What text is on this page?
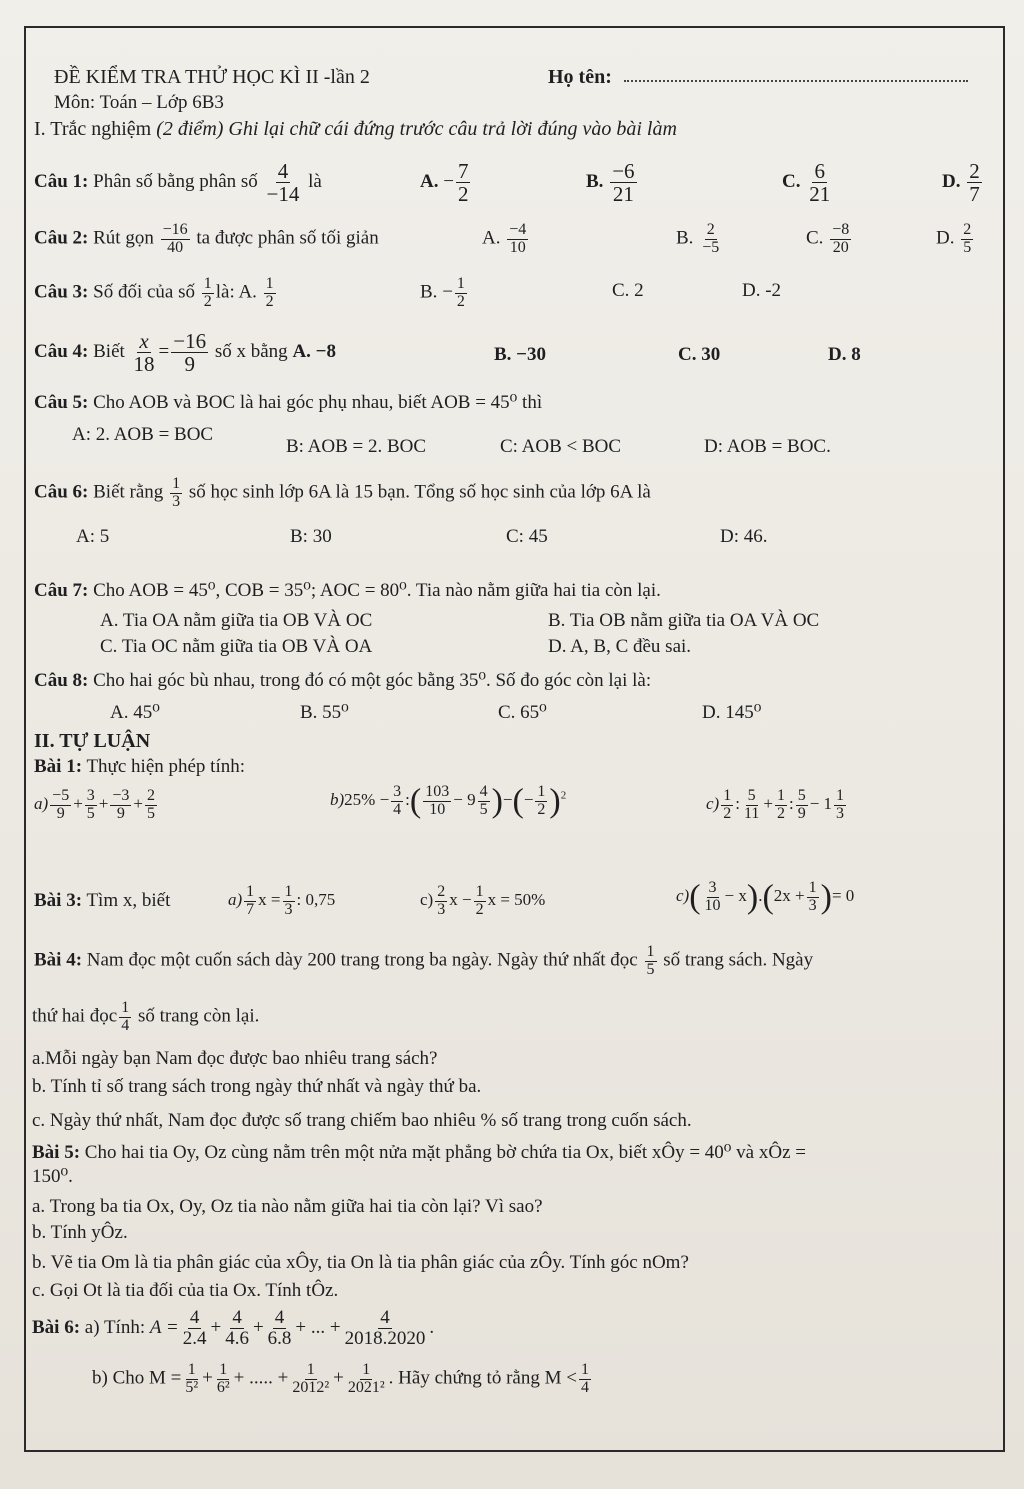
ĐỀ KIỂM TRA THỬ HỌC KÌ II -lần 2	Họ tên:
Môn: Toán – Lớp 6B3
I. Trắc nghiệm (2 điểm) Ghi lại chữ cái đứng trước câu trả lời đúng vào bài làm
Câu 1: Phân số bằng phân số $\frac{4}{-14}$ là	A. − $\frac{7}{2}$	B. $\frac{-6}{21}$	C. $\frac{6}{21}$	D. $\frac{2}{7}$
Câu 2: Rút gọn $\frac{-16}{40}$ ta được phân số tối giản	A. $\frac{-4}{10}$	B. $\frac{2}{-5}$	C. $\frac{-8}{20}$	D. $\frac{2}{5}$
Câu 3: Số đối của số $\frac{1}{2}$ là: A. $\frac{1}{2}$	B. − $\frac{1}{2}$	C. 2	D. -2
Câu 4: Biết $\frac{x}{18} = \frac{-16}{9}$ số x bằng A. −8	B. −30	C. 30	D. 8
Câu 5: Cho AOB và BOC là hai góc phụ nhau, biết AOB = 45⁰ thì
A: 2. AOB = BOC
B: AOB = 2. BOC	C: AOB < BOC	D: AOB = BOC.
Câu 6: Biết rằng $\frac{1}{3}$ số học sinh lớp 6A là 15 bạn. Tổng số học sinh của lớp 6A là
A: 5	B: 30	C: 45	D: 46.
Câu 7: Cho AOB = 45⁰, COB = 35⁰; AOC = 80⁰. Tia nào nằm giữa hai tia còn lại.
A. Tia OA nằm giữa tia OB VÀ OC	B. Tia OB nằm giữa tia OA VÀ OC
C. Tia OC nằm giữa tia OB VÀ OA	D. A, B, C đều sai.
Câu 8: Cho hai góc bù nhau, trong đó có một góc bằng 35⁰. Số đo góc còn lại là:
A. 45⁰	B. 55⁰	C. 65⁰	D. 145⁰
II. TỰ LUẬN
Bài 1: Thực hiện phép tính:
$a) \frac{-5}{9} + \frac{3}{5} + \frac{-3}{9} + \frac{2}{5}$	$b)25\% - \frac{3}{4}$ :( $\frac{103}{10} - 9 \frac{4}{5}$ )−(− $\frac{1}{2} )^2$	$c) \frac{1}{2}$ : $\frac{5}{11} + \frac{1}{2}$ : $\frac{5}{9} - 1 \frac{1}{3}$
Bài 3: Tìm x, biết	$a) \frac{1}{7}$ $x = \frac{1}{3}$ : 0,75	$c) \frac{2}{3}$ $x - \frac{1}{2}$ x = 50%	$c)( \frac{3}{10} - x).(2x + \frac{1}{3}$ )= 0
Bài 4: Nam đọc một cuốn sách dày 200 trang trong ba ngày. Ngày thứ nhất đọc $\frac{1}{5}$ số trang sách. Ngày
thứ hai đọc $\frac{1}{4}$ số trang còn lại.
a.Mỗi ngày bạn Nam đọc được bao nhiêu trang sách?
b. Tính tỉ số trang sách trong ngày thứ nhất và ngày thứ ba.
c. Ngày thứ nhất, Nam đọc được số trang chiếm bao nhiêu % số trang trong cuốn sách.
Bài 5: Cho hai tia Oy, Oz cùng nằm trên một nửa mặt phẳng bờ chứa tia Ox, biết xÔy = 40⁰ và xÔz =
150⁰.
a. Trong ba tia Ox, Oy, Oz tia nào nằm giữa hai tia còn lại? Vì sao?
b. Tính yÔz.
b. Vẽ tia Om là tia phân giác của xÔy, tia On là tia phân giác của zÔy. Tính góc nOm?
c. Gọi Ot là tia đối của tia Ox. Tính tÔz.
Bài 6: a) Tính: $A = \frac{4}{2.4} + \frac{4}{4.6} + \frac{4}{6.8}$ + ... + $\frac{4}{2018.2020}$ .
b) Cho $M = \frac{1}{\text{5²}} + \frac{1}{\text{6²}}$ + ..... + $\frac{1}{\text{2012²}} + \frac{1}{\text{2021²}}$ . Hãy chứng tỏ rằng $M < \frac{1}{4}$
